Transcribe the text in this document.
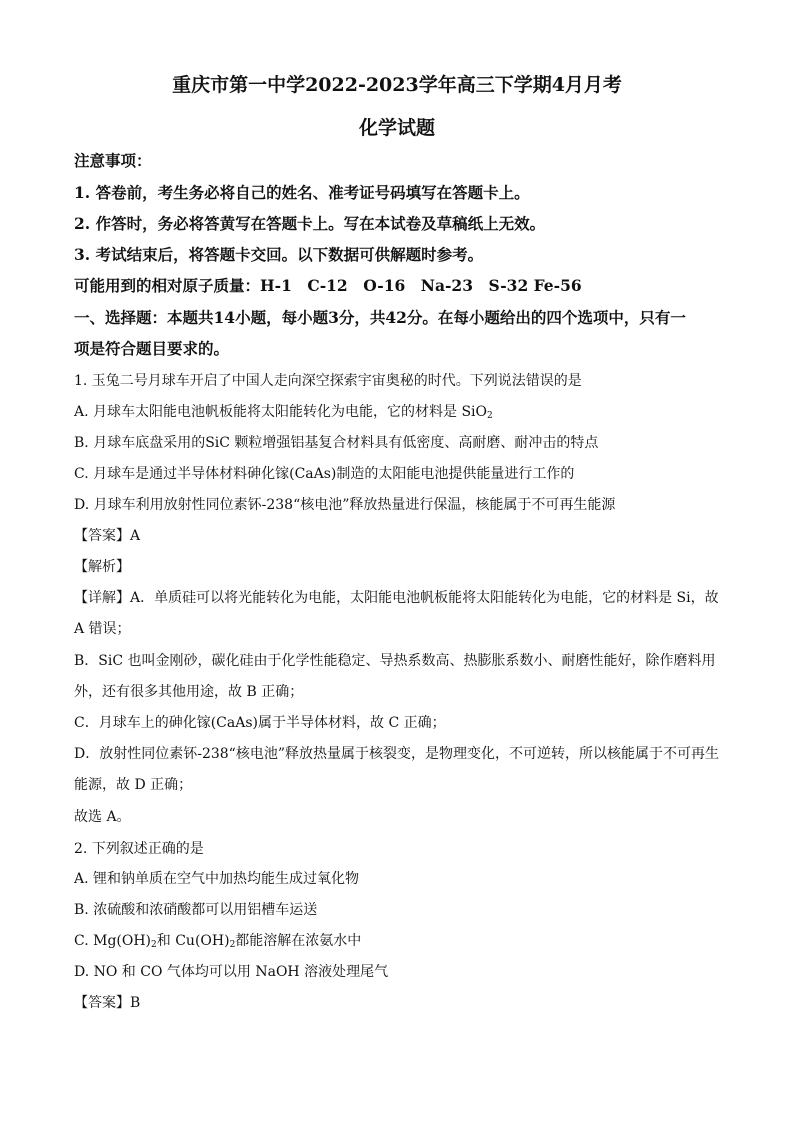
重庆市第一中学2022-2023学年高三下学期4月月考
化学试题
注意事项：
1. 答卷前，考生务必将自己的姓名、准考证号码填写在答题卡上。
2. 作答时，务必将答黄写在答题卡上。写在本试卷及草稿纸上无效。
3. 考试结束后，将答题卡交回。以下数据可供解题时参考。
可能用到的相对原子质量：H-1　C-12　O-16　Na-23　S-32 Fe-56
一、选择题：本题共14小题，每小题3分，共42分。在每小题给出的四个选项中，只有一
项是符合题目要求的。
1. 玉兔二号月球车开启了中国人走向深空探索宇宙奥秘的时代。下列说法错误的是
A. 月球车太阳能电池帆板能将太阳能转化为电能，它的材料是 SiO$_2$
B. 月球车底盘采用的SiC 颗粒增强铝基复合材料具有低密度、高耐磨、耐冲击的特点
C. 月球车是通过半导体材料砷化镓(CaAs)制造的太阳能电池提供能量进行工作的
D. 月球车利用放射性同位素钚-238“核电池”释放热量进行保温，核能属于不可再生能源
【答案】A
【解析】
【详解】A．单质硅可以将光能转化为电能，太阳能电池帆板能将太阳能转化为电能，它的材料是 Si，故
A 错误；
B．SiC 也叫金刚砂，碳化硅由于化学性能稳定、导热系数高、热膨胀系数小、耐磨性能好，除作磨料用
外，还有很多其他用途，故 B 正确；
C．月球车上的砷化镓(CaAs)属于半导体材料，故 C 正确；
D．放射性同位素钚-238“核电池”释放热量属于核裂变，是物理变化，不可逆转，所以核能属于不可再生
能源，故 D 正确；
故选 A。
2. 下列叙述正确的是
A. 锂和钠单质在空气中加热均能生成过氧化物
B. 浓硫酸和浓硝酸都可以用铝槽车运送
C. $Mg(OH)_2$和 $Cu(OH)_2$都能溶解在浓氨水中
D. NO 和 CO 气体均可以用 NaOH 溶液处理尾气
【答案】B
